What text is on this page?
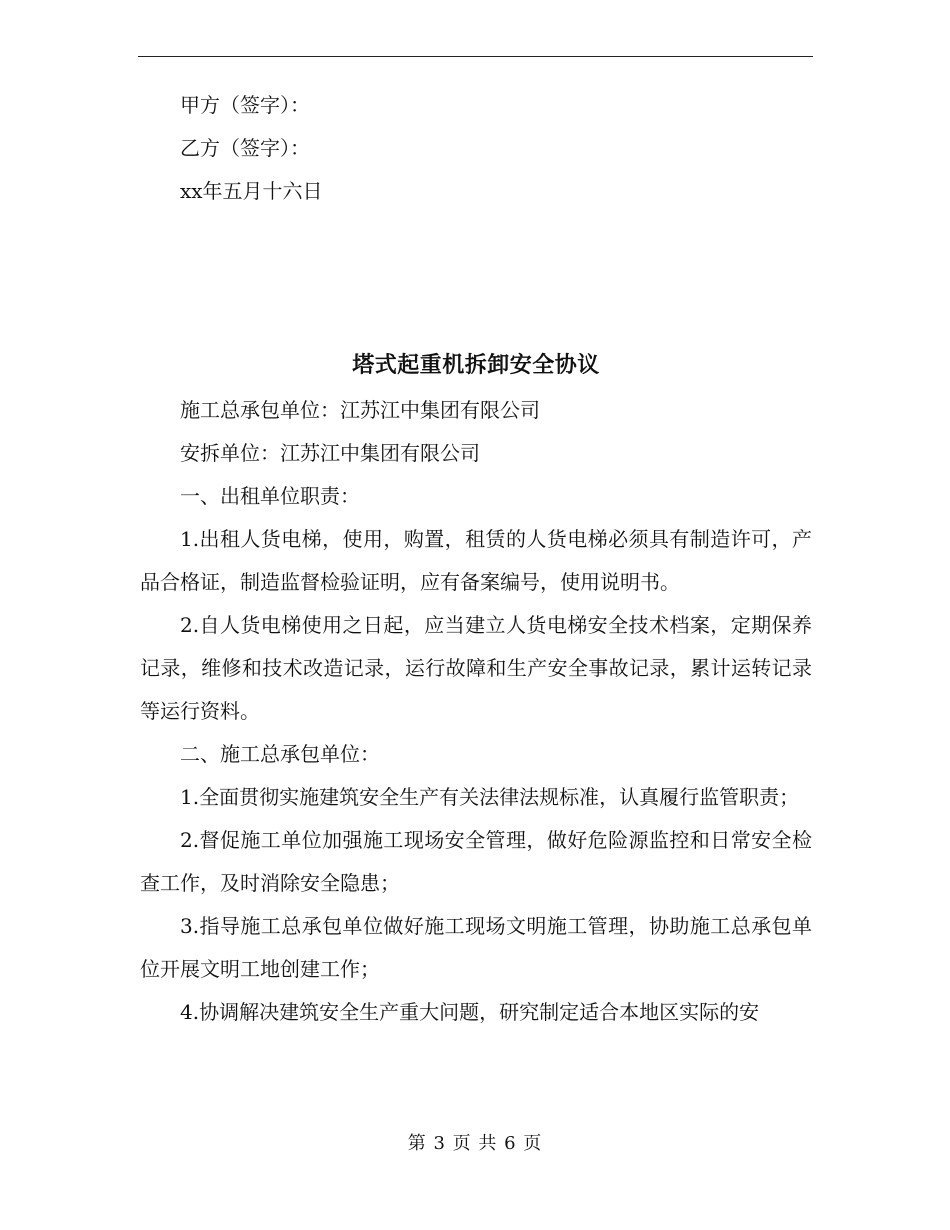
甲方（签字）：

乙方（签字）：

xx年五月十六日

塔式起重机拆卸安全协议

施工总承包单位：江苏江中集团有限公司

安拆单位：江苏江中集团有限公司

一、出租单位职责：

1.出租人货电梯，使用，购置，租赁的人货电梯必须具有制造许可，产品合格证，制造监督检验证明，应有备案编号，使用说明书。

2.自人货电梯使用之日起，应当建立人货电梯安全技术档案，定期保养记录，维修和技术改造记录，运行故障和生产安全事故记录，累计运转记录等运行资料。

二、施工总承包单位：

1.全面贯彻实施建筑安全生产有关法律法规标准，认真履行监管职责；

2.督促施工单位加强施工现场安全管理，做好危险源监控和日常安全检查工作，及时消除安全隐患；

3.指导施工总承包单位做好施工现场文明施工管理，协助施工总承包单位开展文明工地创建工作；

4.协调解决建筑安全生产重大问题，研究制定适合本地区实际的安

第 3 页 共 6 页
